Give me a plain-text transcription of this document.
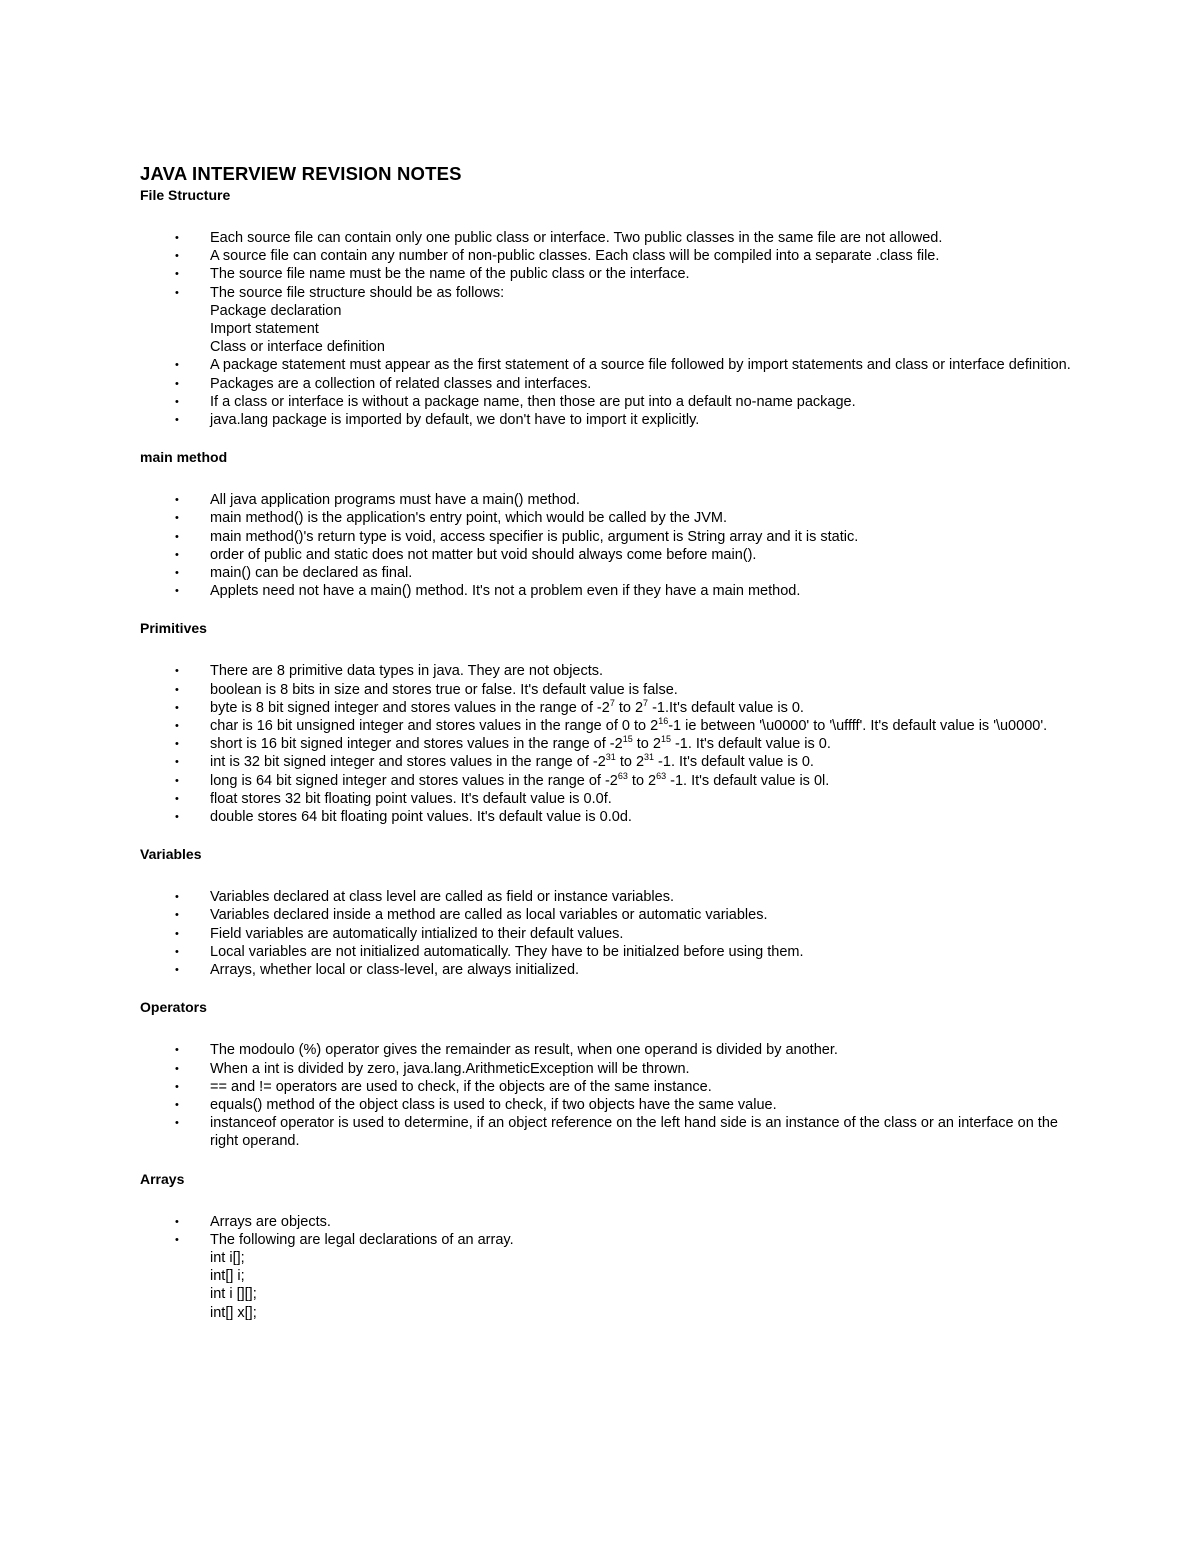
JAVA INTERVIEW REVISION NOTES
File Structure
• Each source file can contain only one public class or interface. Two public classes in the same file are not allowed.
• A source file can contain any number of non-public classes. Each class will be compiled into a separate .class file.
• The source file name must be the name of the public class or the interface.
• The source file structure should be as follows:
Package declaration
Import statement
Class or interface definition
• A package statement must appear as the first statement of a source file followed by import statements and class or interface definition.
• Packages are a collection of related classes and interfaces.
• If a class or interface is without a package name, then those are put into a default no-name package.
• java.lang package is imported by default, we don't have to import it explicitly.
main method
• All java application programs must have a main() method.
• main method() is the application's entry point, which would be called by the JVM.
• main method()'s return type is void, access specifier is public, argument is String array and it is static.
• order of public and static does not matter but void should always come before main().
• main() can be declared as final.
• Applets need not have a main() method. It's not a problem even if they have a main method.
Primitives
• There are 8 primitive data types in java. They are not objects.
• boolean is 8 bits in size and stores true or false. It's default value is false.
• byte is 8 bit signed integer and stores values in the range of $-2^7$ to $2^7$ -1.It's default value is 0.
• char is 16 bit unsigned integer and stores values in the range of 0 to $2^{16}-1$ ie between '\u0000' to '\uffff'. It's default value is '\u0000'.
• short is 16 bit signed integer and stores values in the range of $-2^{15}$ to $2^{15}$ -1. It's default value is 0.
• int is 32 bit signed integer and stores values in the range of $-2^{31}$ to $2^{31}$ -1. It's default value is 0.
• long is 64 bit signed integer and stores values in the range of $-2^{63}$ to $2^{63}$ -1. It's default value is 0l.
• float stores 32 bit floating point values. It's default value is 0.0f.
• double stores 64 bit floating point values. It's default value is 0.0d.
Variables
• Variables declared at class level are called as field or instance variables.
• Variables declared inside a method are called as local variables or automatic variables.
• Field variables are automatically intialized to their default values.
• Local variables are not initialized automatically. They have to be initialzed before using them.
• Arrays, whether local or class-level, are always initialized.
Operators
• The modoulo (%) operator gives the remainder as result, when one operand is divided by another.
• When a int is divided by zero, java.lang.ArithmeticException will be thrown.
• == and != operators are used to check, if the objects are of the same instance.
• equals() method of the object class is used to check, if two objects have the same value.
• instanceof operator is used to determine, if an object reference on the left hand side is an instance of the class or an interface on the right operand.
Arrays
• Arrays are objects.
• The following are legal declarations of an array.
int i[];
int[] i;
int i [][];
int[] x[];
